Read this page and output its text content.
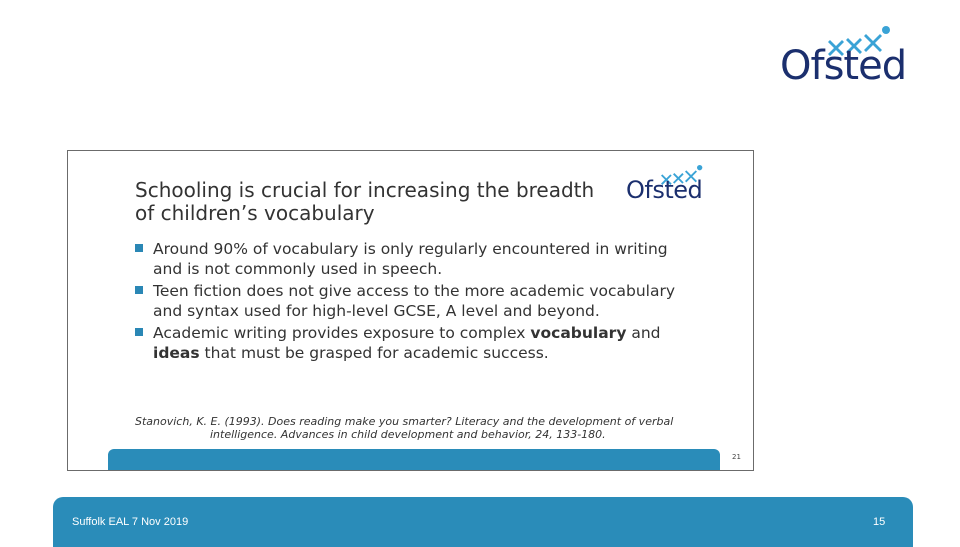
Ofsted
Schooling is crucial for increasing the breadth of children’s vocabulary
Ofsted
Around 90% of vocabulary is only regularly encountered in writing and is not commonly used in speech.
Teen fiction does not give access to the more academic vocabulary and syntax used for high-level GCSE, A level and beyond.
Academic writing provides exposure to complex vocabulary and ideas that must be grasped for academic success.
Stanovich, K. E. (1993). Does reading make you smarter? Literacy and the development of verbal
intelligence. Advances in child development and behavior, 24, 133-180.
21
Suffolk EAL 7 Nov 2019	15
